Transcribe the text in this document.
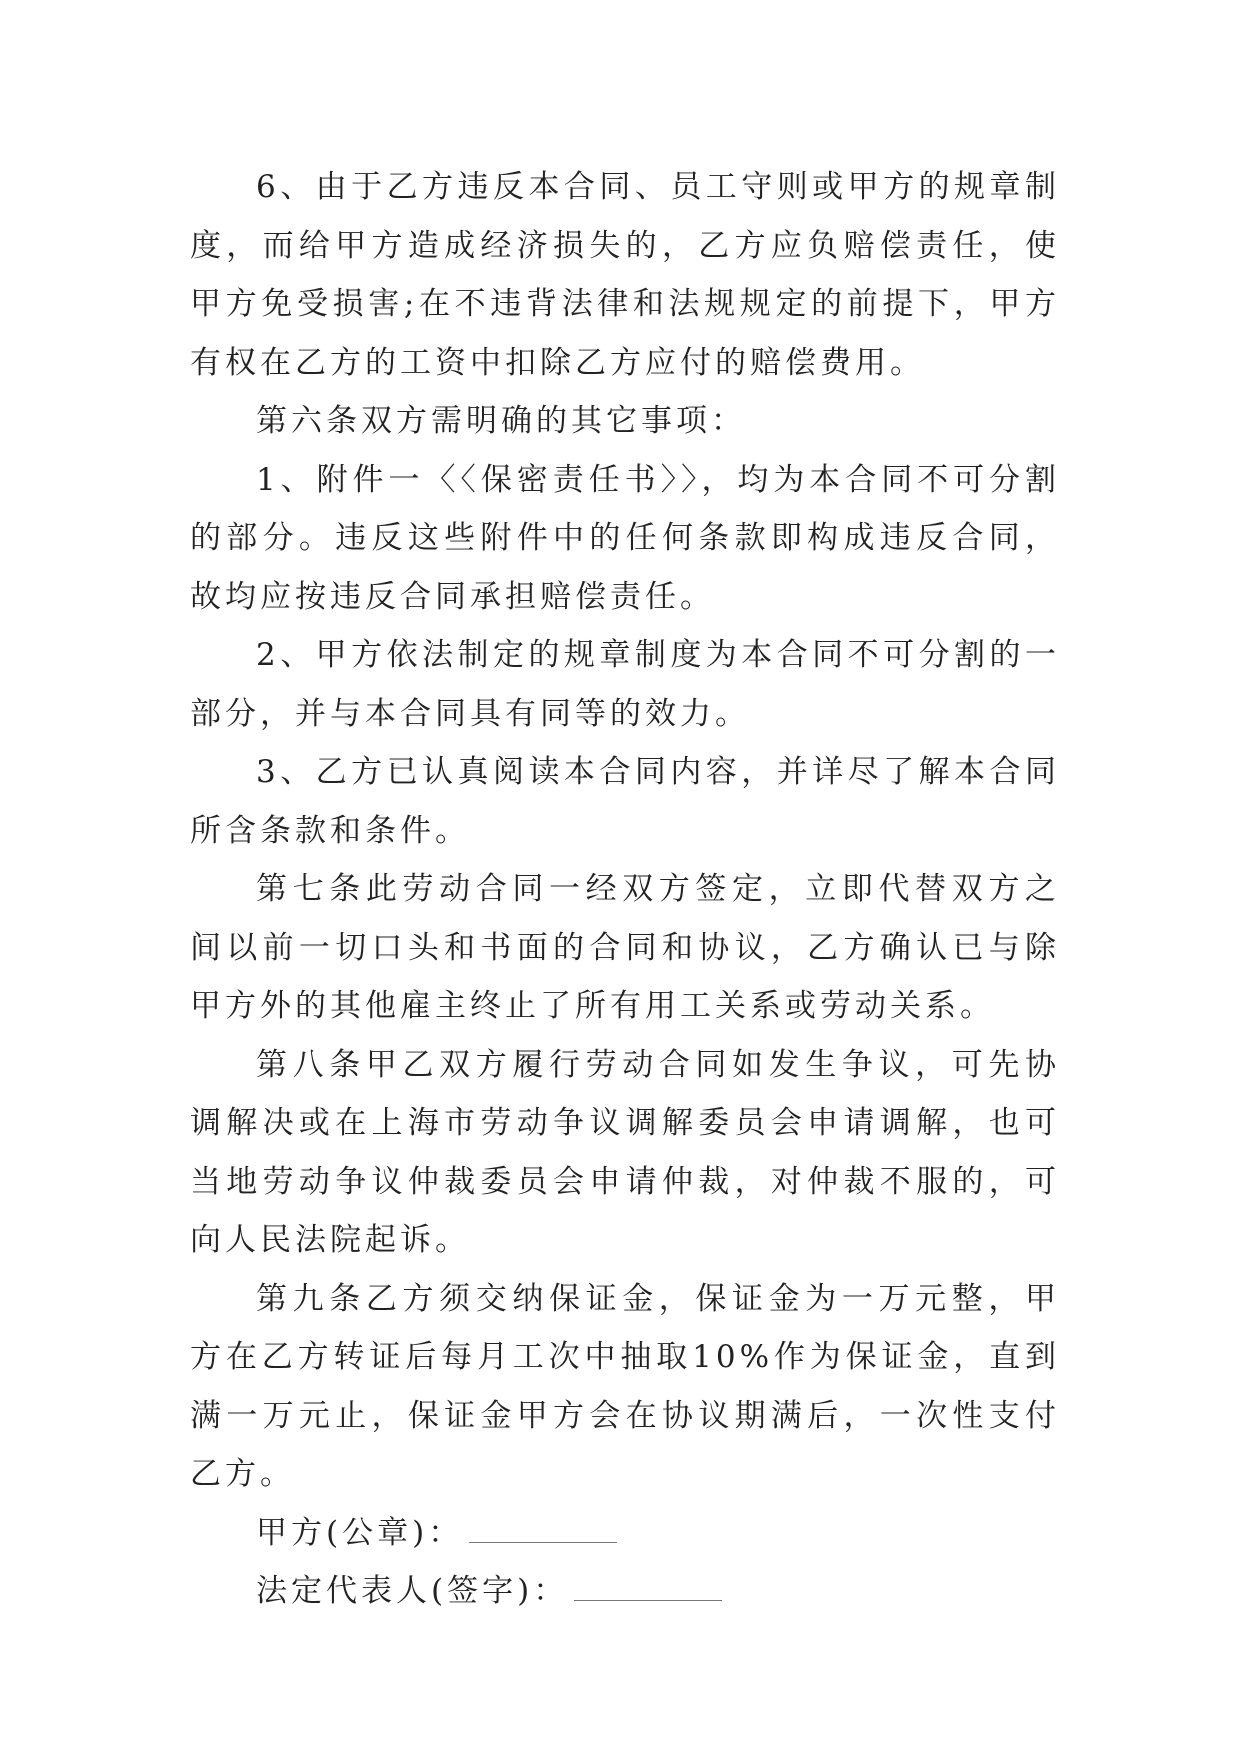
6、由于乙方违反本合同、员工守则或甲方的规章制度，而给甲方造成经济损失的，乙方应负赔偿责任，使甲方免受损害;在不违背法律和法规规定的前提下，甲方有权在乙方的工资中扣除乙方应付的赔偿费用。

第六条双方需明确的其它事项：

1、附件一〈〈保密责任书〉〉，均为本合同不可分割的部分。违反这些附件中的任何条款即构成违反合同，故均应按违反合同承担赔偿责任。

2、甲方依法制定的规章制度为本合同不可分割的一部分，并与本合同具有同等的效力。

3、乙方已认真阅读本合同内容，并详尽了解本合同所含条款和条件。

第七条此劳动合同一经双方签定，立即代替双方之间以前一切口头和书面的合同和协议，乙方确认已与除甲方外的其他雇主终止了所有用工关系或劳动关系。

第八条甲乙双方履行劳动合同如发生争议，可先协调解决或在上海市劳动争议调解委员会申请调解，也可当地劳动争议仲裁委员会申请仲裁，对仲裁不服的，可向人民法院起诉。

第九条乙方须交纳保证金，保证金为一万元整，甲方在乙方转证后每月工次中抽取10%作为保证金，直到满一万元止，保证金甲方会在协议期满后，一次性支付乙方。

甲方(公章)：

法定代表人(签字)：
